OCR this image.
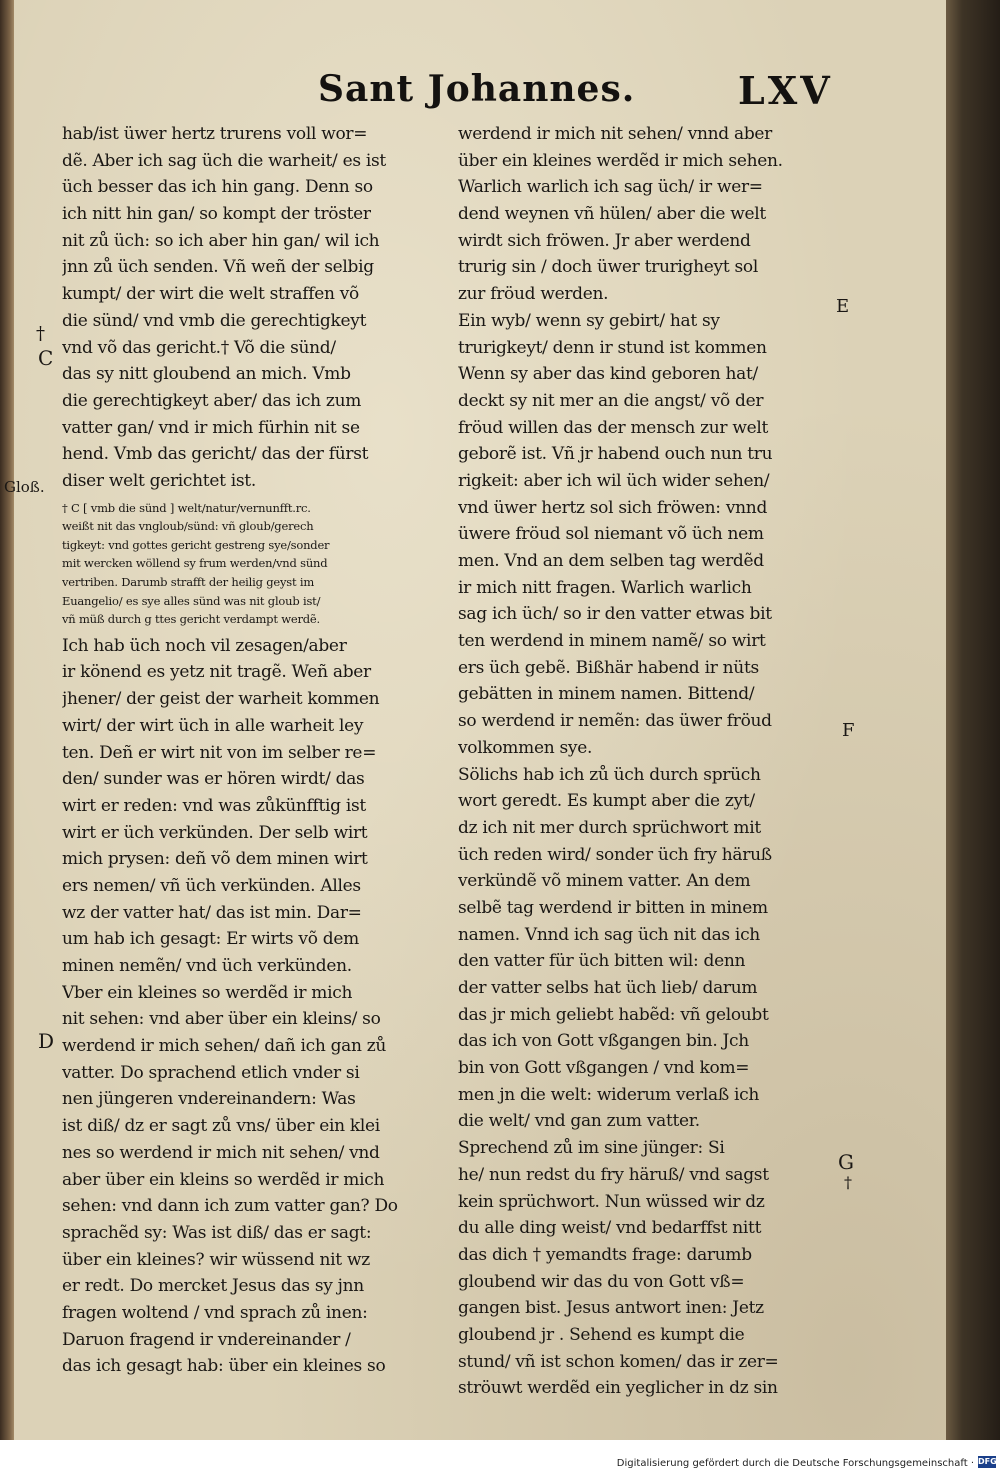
Sant Johannes.	LXV
†
C
Gloß.
D
E
F
G
†
hab/ist üwer hertz trurens voll wor=
dẽ. Aber ich sag üch die warheit/ es ist
üch besser das ich hin gang. Denn so
ich nitt hin gan/ so kompt der tröster
nit zů üch: so ich aber hin gan/ wil ich
jnn zů üch senden. Vñ weñ der selbig
kumpt/ der wirt die welt straffen võ
die sünd/ vnd vmb die gerechtigkeyt
vnd võ das gericht.† Võ die sünd/
das sy nitt gloubend an mich. Vmb
die gerechtigkeyt aber/ das ich zum
vatter gan/ vnd ir mich fürhin nit se
hend. Vmb das gericht/ das der fürst
diser welt gerichtet ist.
† C [ vmb die sünd ] welt/natur/vernunfft.rc.
weißt nit das vngloub/sünd: vñ gloub/gerech
tigkeyt: vnd gottes gericht gestreng sye/sonder
mit wercken wöllend sy frum werden/vnd sünd
vertriben. Darumb strafft der heilig geyst im
Euangelio/ es sye alles sünd was nit gloub ist/
vñ müß durch g ttes gericht verdampt werdẽ.
Ich hab üch noch vil zesagen/aber
ir könend es yetz nit tragẽ. Weñ aber
jhener/ der geist der warheit kommen
wirt/ der wirt üch in alle warheit ley
ten. Deñ er wirt nit von im selber re=
den/ sunder was er hören wirdt/ das
wirt er reden: vnd was zůkünfftig ist
wirt er üch verkünden. Der selb wirt
mich prysen: deñ võ dem minen wirt
ers nemen/ vñ üch verkünden. Alles
wz der vatter hat/ das ist min. Dar=
um hab ich gesagt: Er wirts võ dem
minen nemẽn/ vnd üch verkünden.
Vber ein kleines so werdẽd ir mich
nit sehen: vnd aber über ein kleins/ so
werdend ir mich sehen/ dañ ich gan zů
vatter. Do sprachend etlich vnder si
nen jüngeren vndereinandern: Was
ist diß/ dz er sagt zů vns/ über ein klei
nes so werdend ir mich nit sehen/ vnd
aber über ein kleins so werdẽd ir mich
sehen: vnd dann ich zum vatter gan? Do
sprachẽd sy: Was ist diß/ das er sagt:
über ein kleines? wir wüssend nit wz
er redt. Do mercket Jesus das sy jnn
fragen woltend / vnd sprach zů inen:
Daruon fragend ir vndereinander /
das ich gesagt hab: über ein kleines so
werdend ir mich nit sehen/ vnnd aber
über ein kleines werdẽd ir mich sehen.
Warlich warlich ich sag üch/ ir wer=
dend weynen vñ hülen/ aber die welt
wirdt sich fröwen. Jr aber werdend
trurig sin / doch üwer trurigheyt sol
zur fröud werden.
Ein wyb/ wenn sy gebirt/ hat sy
trurigkeyt/ denn ir stund ist kommen
Wenn sy aber das kind geboren hat/
deckt sy nit mer an die angst/ võ der
fröud willen das der mensch zur welt
geborẽ ist. Vñ jr habend ouch nun tru
rigkeit: aber ich wil üch wider sehen/
vnd üwer hertz sol sich fröwen: vnnd
üwere fröud sol niemant võ üch nem
men. Vnd an dem selben tag werdẽd
ir mich nitt fragen. Warlich warlich
sag ich üch/ so ir den vatter etwas bit
ten werdend in minem namẽ/ so wirt
ers üch gebẽ. Bißhär habend ir nüts
gebätten in minem namen. Bittend/
so werdend ir nemẽn: das üwer fröud
volkommen sye.
Sölichs hab ich zů üch durch sprüch
wort geredt. Es kumpt aber die zyt/
dz ich nit mer durch sprüchwort mit
üch reden wird/ sonder üch fry häruß
verkündẽ võ minem vatter. An dem
selbẽ tag werdend ir bitten in minem
namen. Vnnd ich sag üch nit das ich
den vatter für üch bitten wil: denn
der vatter selbs hat üch lieb/ darum
das jr mich geliebt habẽd: vñ geloubt
das ich von Gott vßgangen bin. Jch
bin von Gott vßgangen / vnd kom=
men jn die welt: widerum verlaß ich
die welt/ vnd gan zum vatter.
Sprechend zů im sine jünger: Si
he/ nun redst du fry häruß/ vnd sagst
kein sprüchwort. Nun wüssed wir dz
du alle ding weist/ vnd bedarffst nitt
das dich † yemandts frage: darumb
gloubend wir das du von Gott vß=
gangen bist. Jesus antwort inen: Jetz
gloubend jr . Sehend es kumpt die
stund/ vñ ist schon komen/ das ir zer=
ströuwt werdẽd ein yeglicher in dz sin
Digitalisierung gefördert durch die Deutsche Forschungsgemeinschaft · DFG
